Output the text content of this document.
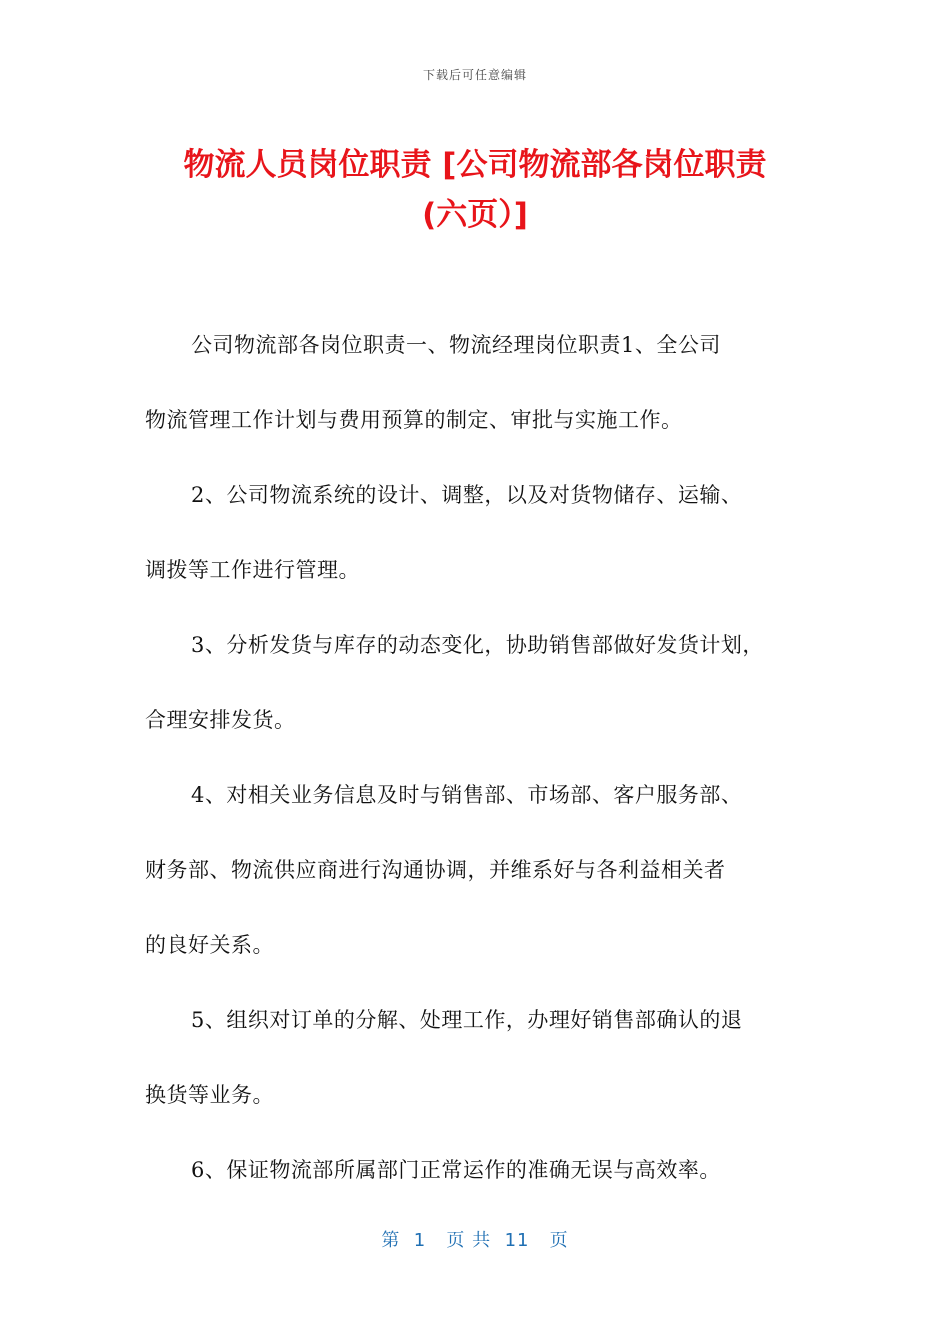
下载后可任意编辑
物流人员岗位职责 [公司物流部各岗位职责
(六页）]
公司物流部各岗位职责一、物流经理岗位职责1、全公司
物流管理工作计划与费用预算的制定、审批与实施工作。
2、公司物流系统的设计、调整，以及对货物储存、运输、
调拨等工作进行管理。
3、分析发货与库存的动态变化，协助销售部做好发货计划，
合理安排发货。
4、对相关业务信息及时与销售部、市场部、客户服务部、
财务部、物流供应商进行沟通协调，并维系好与各利益相关者
的良好关系。
5、组织对订单的分解、处理工作，办理好销售部确认的退
换货等业务。
6、保证物流部所属部门正常运作的准确无误与高效率。
第  1   页 共  11   页
